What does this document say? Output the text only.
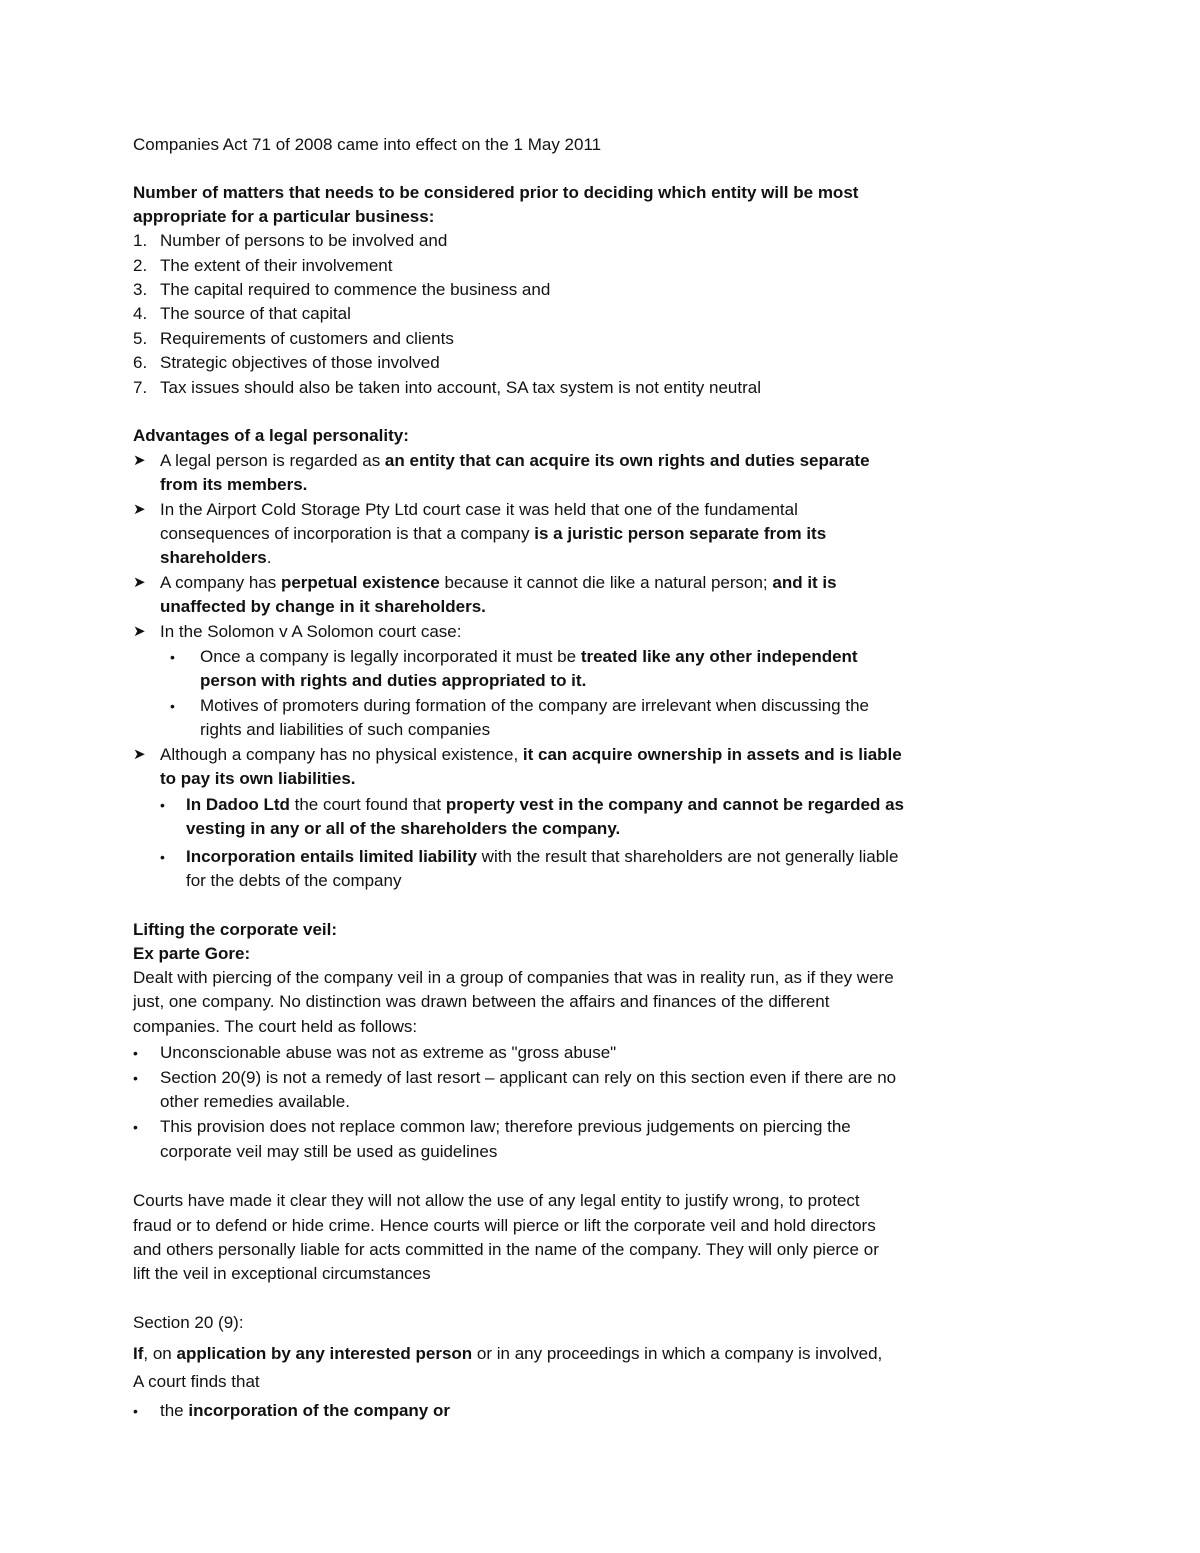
Companies Act 71 of 2008 came into effect on the 1 May 2011
Number of matters that needs to be considered prior to deciding which entity will be most
appropriate for a particular business:
1. Number of persons to be involved and
2. The extent of their involvement
3. The capital required to commence the business and
4. The source of that capital
5. Requirements of customers and clients
6. Strategic objectives of those involved
7. Tax issues should also be taken into account, SA tax system is not entity neutral
Advantages of a legal personality:
➤ A legal person is regarded as an entity that can acquire its own rights and duties separate
from its members.
➤ In the Airport Cold Storage Pty Ltd court case it was held that one of the fundamental
consequences of incorporation is that a company is a juristic person separate from its
shareholders.
➤ A company has perpetual existence because it cannot die like a natural person; and it is
unaffected by change in it shareholders.
➤ In the Solomon v A Solomon court case:
• Once a company is legally incorporated it must be treated like any other independent
person with rights and duties appropriated to it.
• Motives of promoters during formation of the company are irrelevant when discussing the
rights and liabilities of such companies
➤ Although a company has no physical existence, it can acquire ownership in assets and is liable
to pay its own liabilities.
• In Dadoo Ltd the court found that property vest in the company and cannot be regarded as
vesting in any or all of the shareholders the company.
• Incorporation entails limited liability with the result that shareholders are not generally liable
for the debts of the company
Lifting the corporate veil:
Ex parte Gore:
Dealt with piercing of the company veil in a group of companies that was in reality run, as if they were
just, one company. No distinction was drawn between the affairs and finances of the different
companies. The court held as follows:
• Unconscionable abuse was not as extreme as "gross abuse"
• Section 20(9) is not a remedy of last resort – applicant can rely on this section even if there are no
other remedies available.
• This provision does not replace common law; therefore previous judgements on piercing the
corporate veil may still be used as guidelines
Courts have made it clear they will not allow the use of any legal entity to justify wrong, to protect
fraud or to defend or hide crime. Hence courts will pierce or lift the corporate veil and hold directors
and others personally liable for acts committed in the name of the company. They will only pierce or
lift the veil in exceptional circumstances
Section 20 (9):
If, on application by any interested person or in any proceedings in which a company is involved,
A court finds that
• the incorporation of the company or
